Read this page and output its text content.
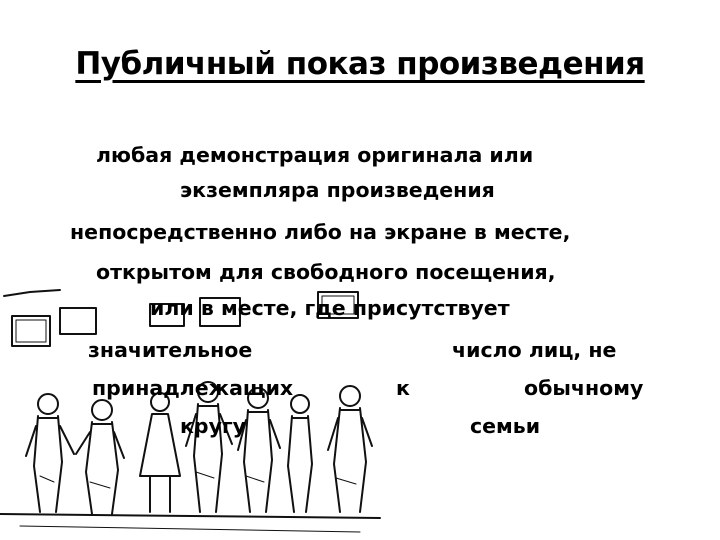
Публичный показ произведения

любая демонстрация оригинала или

экземпляра произведения

непосредственно либо на экране в месте,

открытом для свободного посещения,

или в месте, где присутствует

значительное

	число лиц, не

принадлежащих

	к

	обычному

кругу

	семьи
